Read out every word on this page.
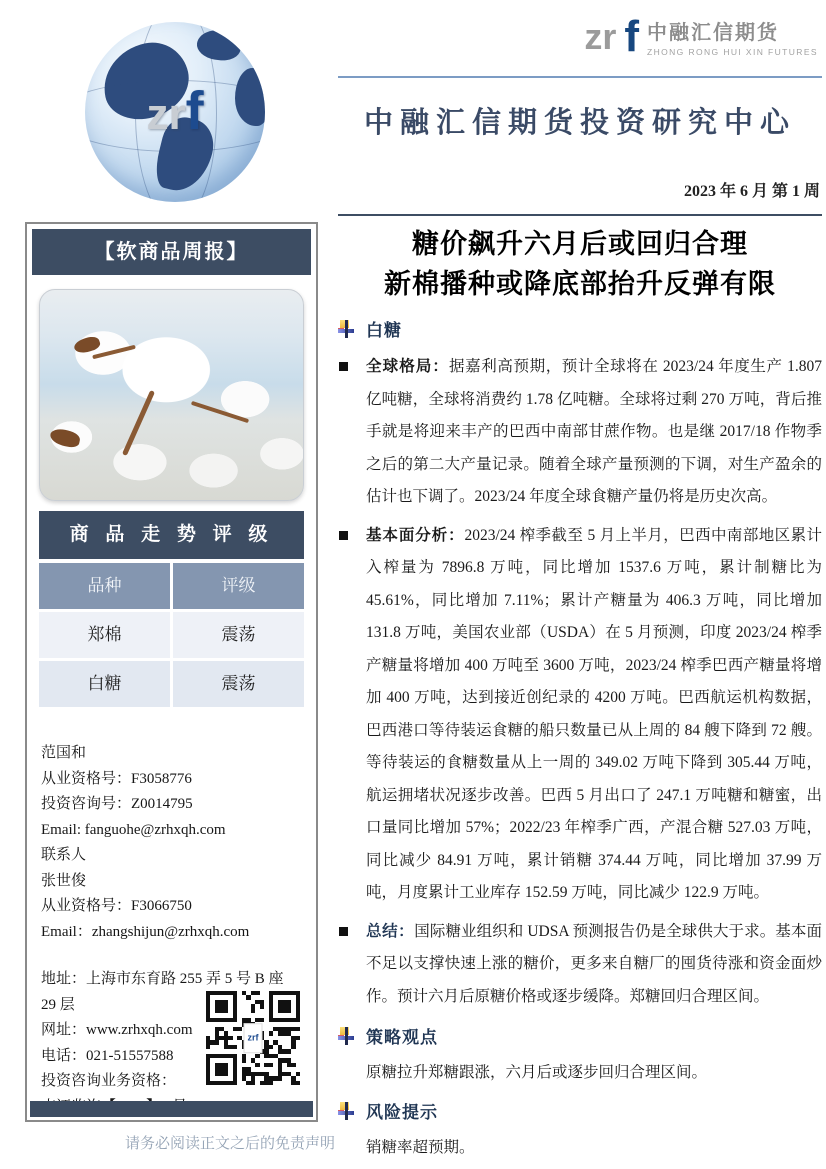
zrf
zr f 中融汇信期货
ZHONG RONG HUI XIN FUTURES
中融汇信期货投资研究中心
2023 年 6 月 第 1 周
【软商品周报】
商 品 走 势 评 级
品种	评级
郑棉	震荡
白糖	震荡
范国和
从业资格号：F3058776
投资咨询号：Z0014795
Email: fanguohe@zrhxqh.com
联系人
张世俊
从业资格号：F3066750
Email：zhangshijun@zrhxqh.com
地址：上海市东育路 255 弄 5 号 B 座 29 层
网址：www.zrhxqh.com
电话：021-51557588
投资咨询业务资格：
zrf
请务必阅读正文之后的免责声明
糖价飙升六月后或回归合理
新棉播种或降底部抬升反弹有限
白糖

全球格局：据嘉利高预期，预计全球将在 2023/24 年度生产 1.807 亿吨糖，全球将消费约 1.78 亿吨糖。全球将过剩 270 万吨，背后推手就是将迎来丰产的巴西中南部甘蔗作物。也是继 2017/18 作物季之后的第二大产量记录。随着全球产量预测的下调，对生产盈余的估计也下调了。2023/24 年度全球食糖产量仍将是历史次高。

基本面分析：2023/24 榨季截至 5 月上半月，巴西中南部地区累计入榨量为 7896.8 万吨，同比增加 1537.6 万吨，累计制糖比为 45.61%，同比增加 7.11%；累计产糖量为 406.3 万吨，同比增加 131.8 万吨，美国农业部（USDA）在 5 月预测，印度 2023/24 榨季产糖量将增加 400 万吨至 3600 万吨，2023/24 榨季巴西产糖量将增加 400 万吨，达到接近创纪录的 4200 万吨。巴西航运机构数据，巴西港口等待装运食糖的船只数量已从上周的 84 艘下降到 72 艘。等待装运的食糖数量从上一周的 349.02 万吨下降到 305.44 万吨，航运拥堵状况逐步改善。巴西 5 月出口了 247.1 万吨糖和糖蜜，出口量同比增加 57%；2022/23 年榨季广西，产混合糖 527.03 万吨，同比减少 84.91 万吨，累计销糖 374.44 万吨，同比增加 37.99 万吨，月度累计工业库存 152.59 万吨，同比减少 122.9 万吨。

总结：国际糖业组织和 UDSA 预测报告仍是全球供大于求。基本面不足以支撑快速上涨的糖价，更多来自糖厂的囤货待涨和资金面炒作。预计六月后原糖价格或逐步缓降。郑糖回归合理区间。

策略观点

原糖拉升郑糖跟涨，六月后或逐步回归合理区间。

风险提示

销糖率超预期。
